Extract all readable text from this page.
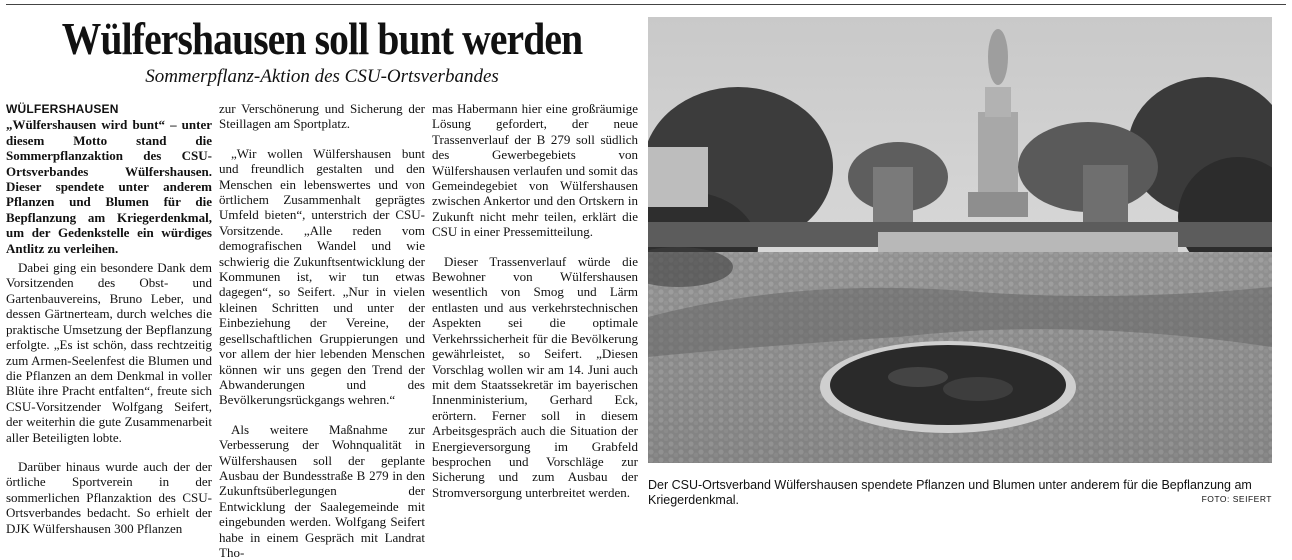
Wülfershausen soll bunt werden
Sommerpflanz-Aktion des CSU-Ortsverbandes

WÜLFERSHAUSEN „Wülfershausen wird bunt“ – unter diesem Motto stand die Sommerpflanzaktion des CSU-Ortsverbandes Wülfershausen. Dieser spendete unter anderem Pflanzen und Blumen für die Bepflanzung am Kriegerdenkmal, um der Gedenkstelle ein würdiges Antlitz zu verleihen.

Dabei ging ein besondere Dank dem Vorsitzenden des Obst- und Gartenbauvereins, Bruno Leber, und dessen Gärtnerteam, durch welches die praktische Umsetzung der Bepflanzung erfolgte. „Es ist schön, dass rechtzeitig zum Armen-Seelenfest die Blumen und die Pflanzen an dem Denkmal in voller Blüte ihre Pracht entfalten“, freute sich CSU-Vorsitzender Wolfgang Seifert, der weiterhin die gute Zusammenarbeit aller Beteiligten lobte.

Darüber hinaus wurde auch der der örtliche Sportverein in der sommerlichen Pflanzaktion des CSU-Ortsverbandes bedacht. So erhielt der DJK Wülfershausen 300 Pflanzen

zur Verschönerung und Sicherung der Steillagen am Sportplatz.

„Wir wollen Wülfershausen bunt und freundlich gestalten und den Menschen ein lebenswertes und von örtlichem Zusammenhalt geprägtes Umfeld bieten“, unterstrich der CSU-Vorsitzende. „Alle reden vom demografischen Wandel und wie schwierig die Zukunftsentwicklung der Kommunen ist, wir tun etwas dagegen“, so Seifert. „Nur in vielen kleinen Schritten und unter der Einbeziehung der Vereine, der gesellschaftlichen Gruppierungen und vor allem der hier lebenden Menschen können wir uns gegen den Trend der Abwanderungen und des Bevölkerungsrückgangs wehren.“

Als weitere Maßnahme zur Verbesserung der Wohnqualität in Wülfershausen soll der geplante Ausbau der Bundesstraße B 279 in den Zukunftsüberlegungen der Entwicklung der Saalegemeinde mit eingebunden werden. Wolfgang Seifert habe in einem Gespräch mit Landrat Tho-

mas Habermann hier eine großräumige Lösung gefordert, der neue Trassenverlauf der B 279 soll südlich des Gewerbegebiets von Wülfershausen verlaufen und somit das Gemeindegebiet von Wülfershausen zwischen Ankertor und den Ortskern in Zukunft nicht mehr teilen, erklärt die CSU in einer Pressemitteilung.

Dieser Trassenverlauf würde die Bewohner von Wülfershausen wesentlich von Smog und Lärm entlasten und aus verkehrstechnischen Aspekten sei die optimale Verkehrssicherheit für die Bevölkerung gewährleistet, so Seifert. „Diesen Vorschlag wollen wir am 14. Juni auch mit dem Staatssekretär im bayerischen Innenministerium, Gerhard Eck, erörtern. Ferner soll in diesem Arbeitsgespräch auch die Situation der Energieversorgung im Grabfeld besprochen und Vorschläge zur Sicherung und zum Ausbau der Stromversorgung unterbreitet werden.	Der CSU-Ortsverband Wülfershausen spendete Pflanzen und Blumen unter anderem für die Bepflanzung am Kriegerdenkmal.	FOTO: SEIFERT
